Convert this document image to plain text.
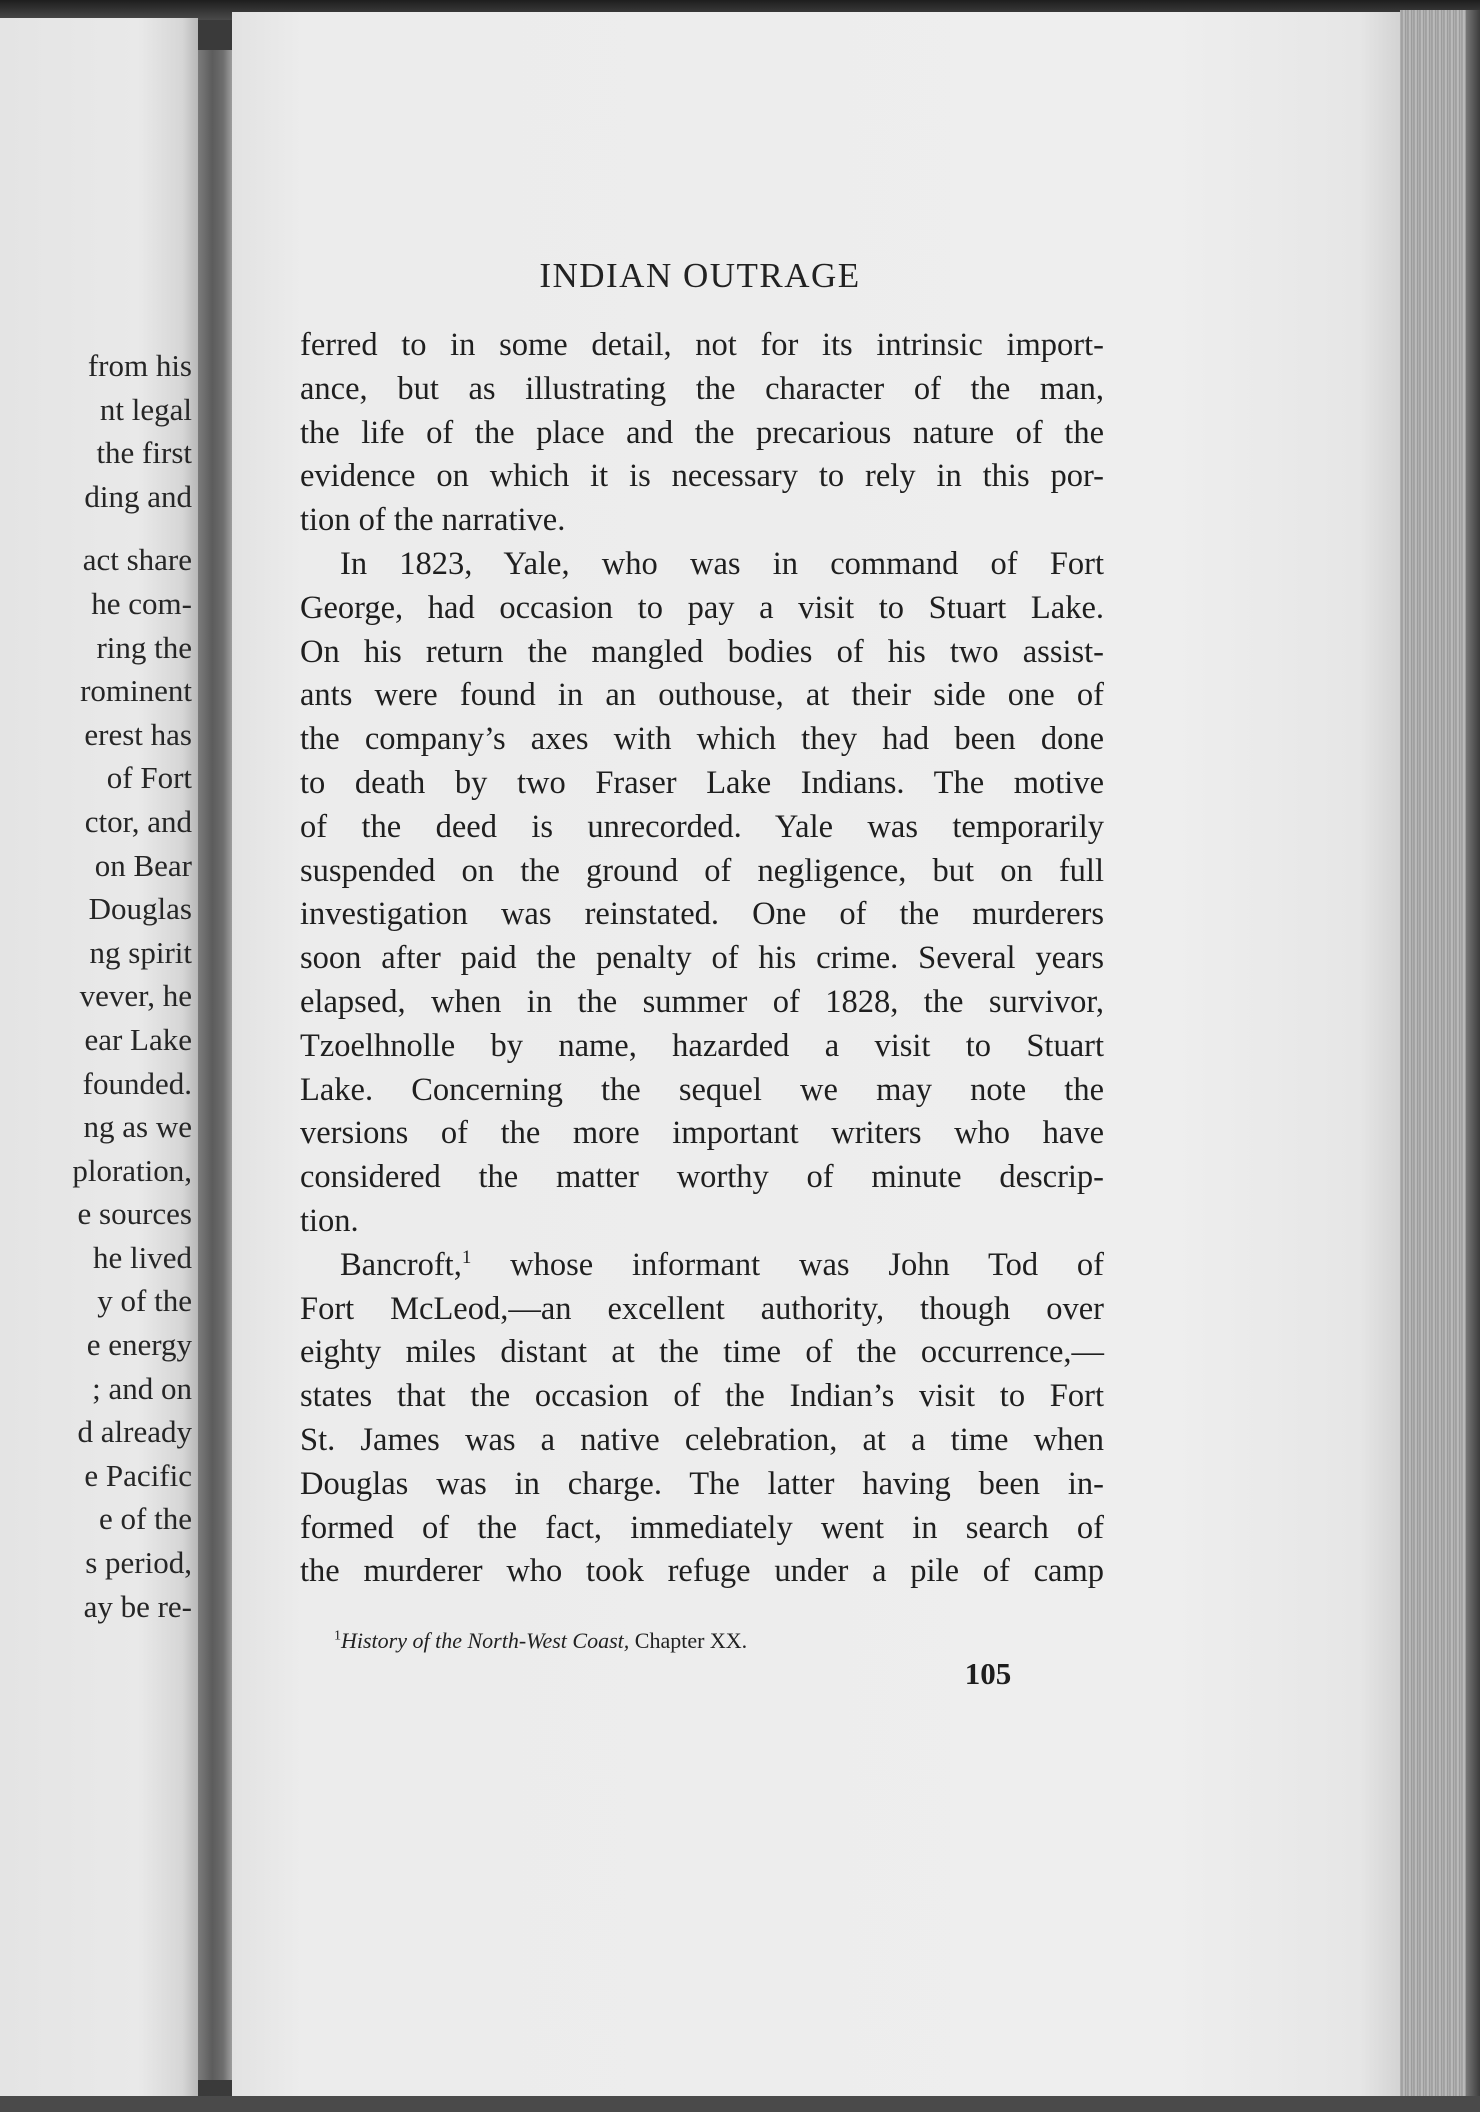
from his
nt legal
the first
ding and
act share
he com-
ring the
rominent
erest has
of Fort
ctor, and
on Bear
Douglas
ng spirit
vever, he
ear Lake
founded.
ng as we
ploration,
e sources
he lived
y of the
e energy
; and on
d already
e Pacific
e of the
s period,
ay be re-
INDIAN OUTRAGE
ferred to in some detail, not for its intrinsic import-
ance, but as illustrating the character of the man,
the life of the place and the precarious nature of the
evidence on which it is necessary to rely in this por-
tion of the narrative.
In 1823, Yale, who was in command of Fort
George, had occasion to pay a visit to Stuart Lake.
On his return the mangled bodies of his two assist-
ants were found in an outhouse, at their side one of
the company’s axes with which they had been done
to death by two Fraser Lake Indians. The motive
of the deed is unrecorded. Yale was temporarily
suspended on the ground of negligence, but on full
investigation was reinstated. One of the murderers
soon after paid the penalty of his crime. Several years
elapsed, when in the summer of 1828, the survivor,
Tzoelhnolle by name, hazarded a visit to Stuart
Lake. Concerning the sequel we may note the
versions of the more important writers who have
considered the matter worthy of minute descrip-
tion.
Bancroft,$^1$ whose informant was John Tod of
Fort McLeod,—an excellent authority, though over
eighty miles distant at the time of the occurrence,—
states that the occasion of the Indian’s visit to Fort
St. James was a native celebration, at a time when
Douglas was in charge. The latter having been in-
formed of the fact, immediately went in search of
the murderer who took refuge under a pile of camp
$^1$History of the North-West Coast, Chapter XX.
105
